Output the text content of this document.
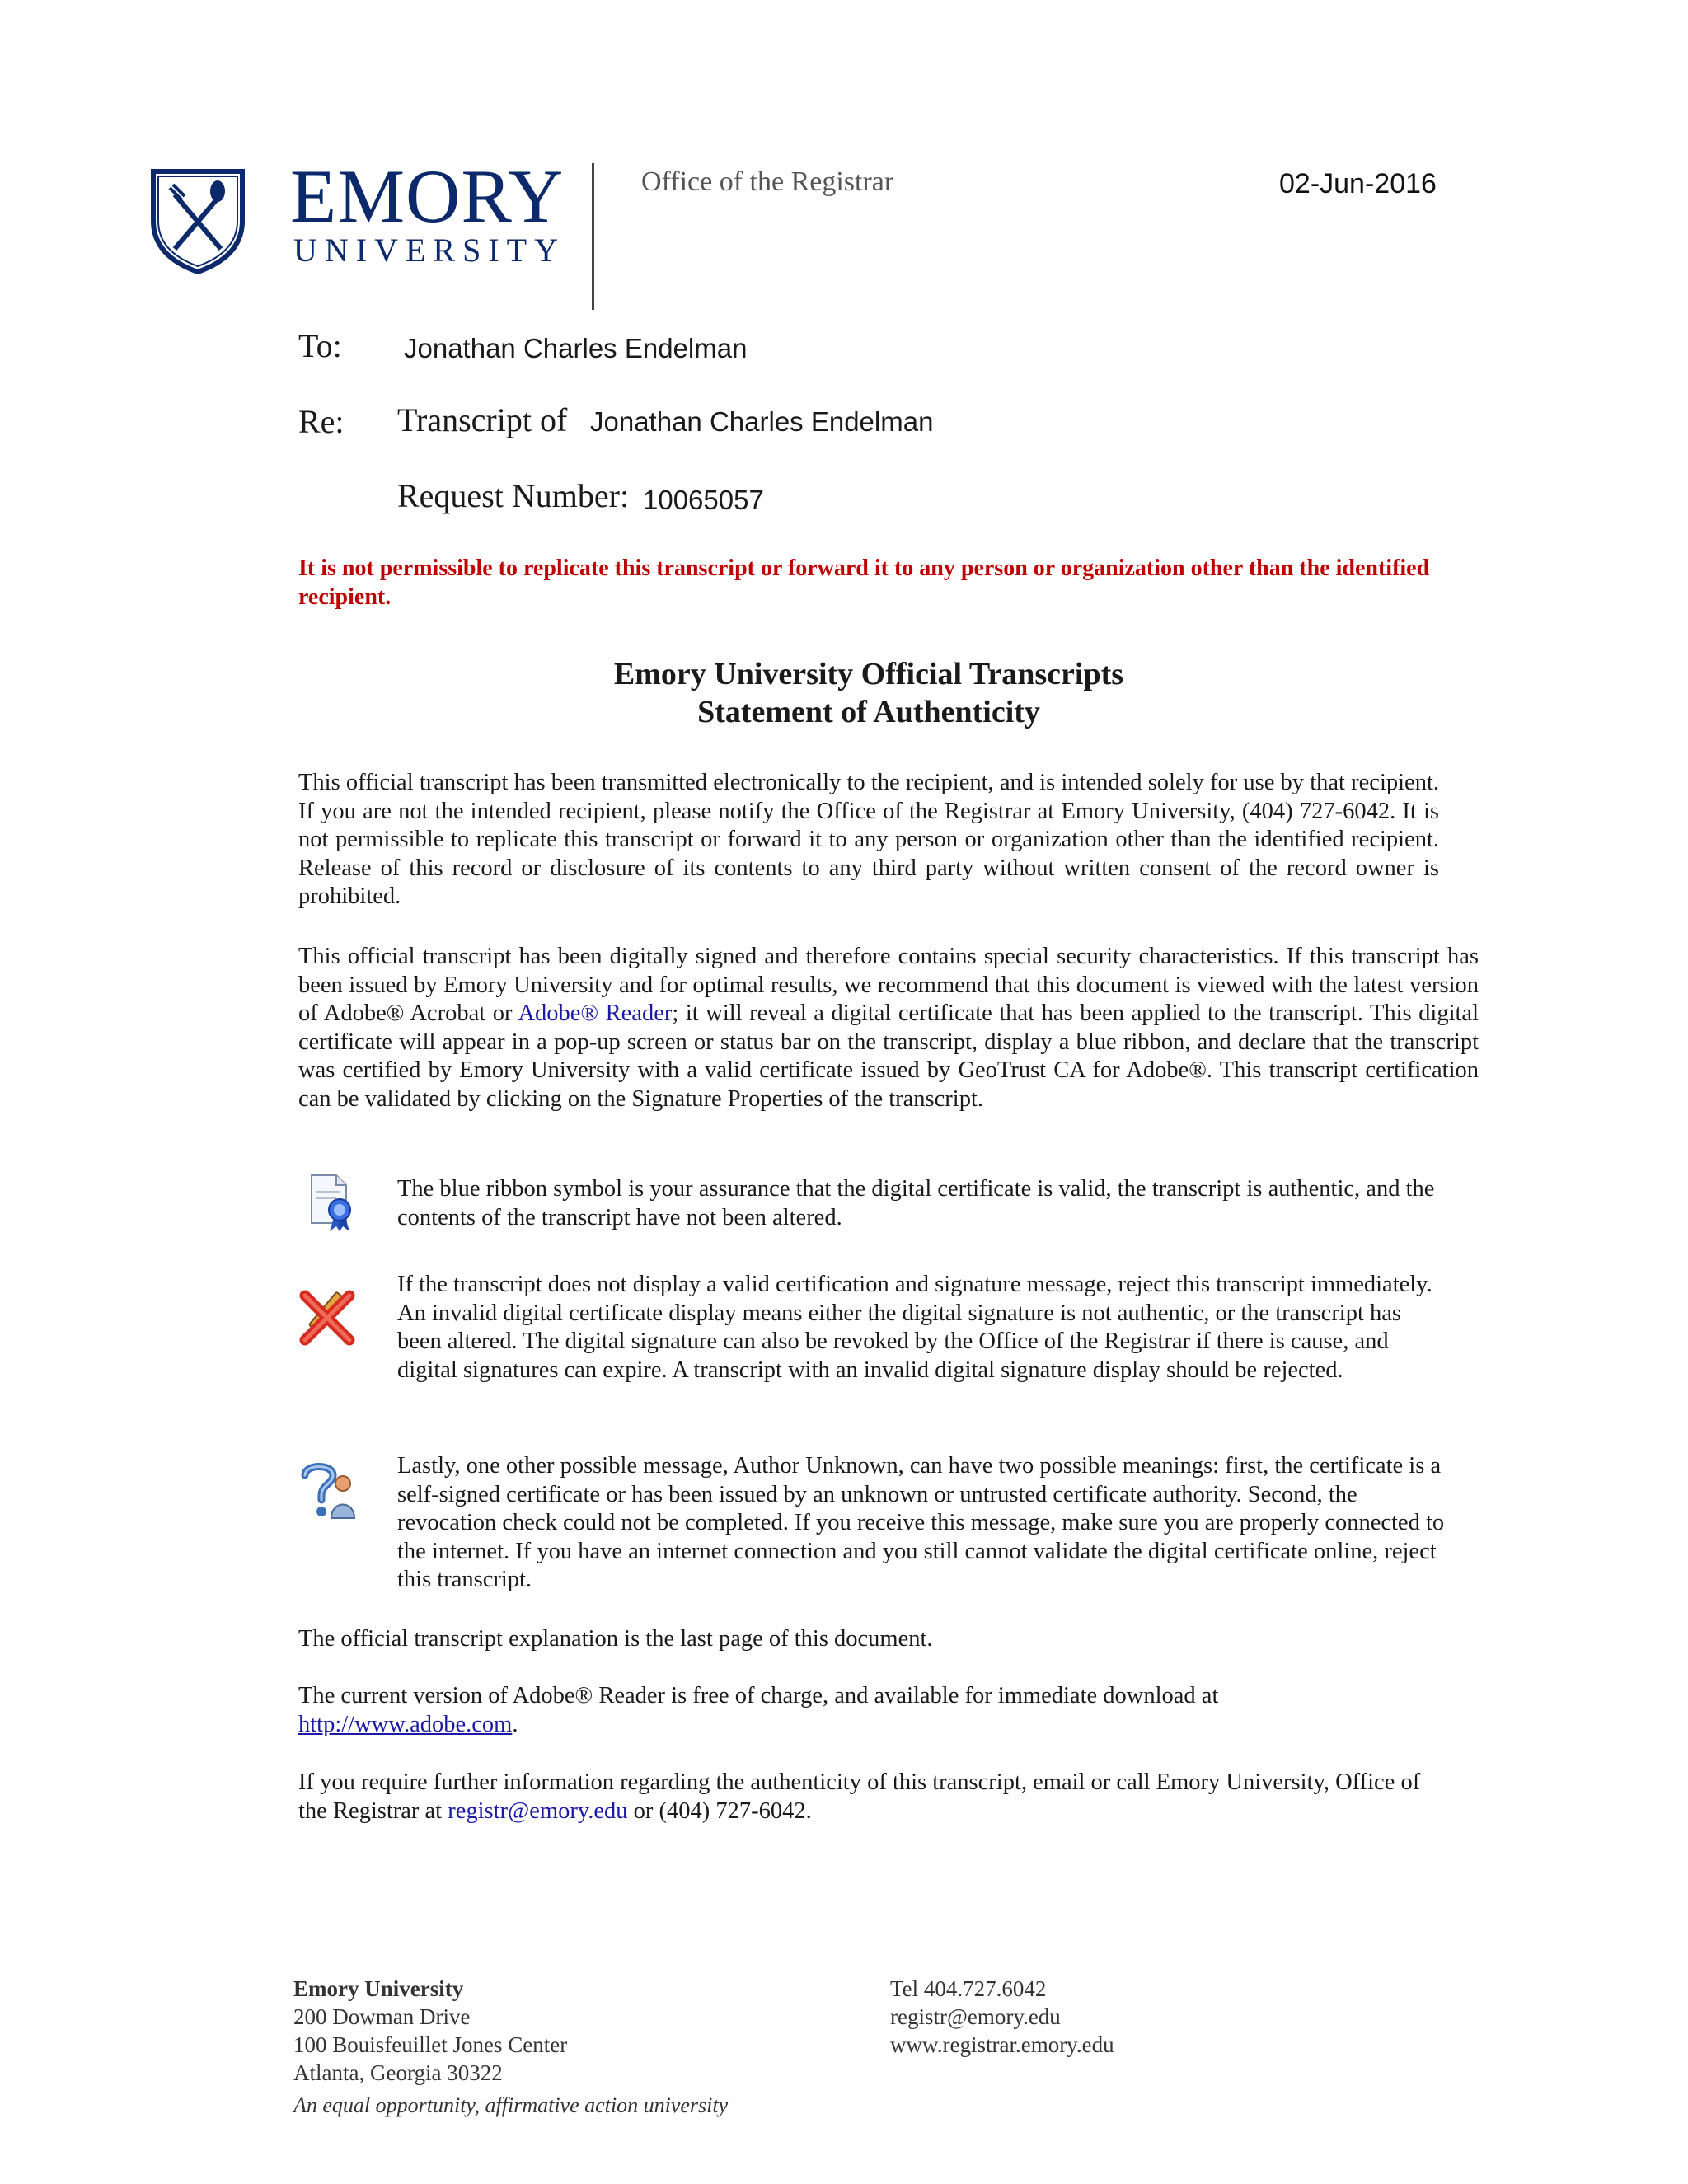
EMORY
UNIVERSITY
Office of the Registrar	02-Jun-2016
To: Jonathan Charles Endelman
Re: Transcript of Jonathan Charles Endelman
Request Number: 10065057
It is not permissible to replicate this transcript or forward it to any person or organization other than the identified recipient.
Emory University Official Transcripts
Statement of Authenticity
This official transcript has been transmitted electronically to the recipient, and is intended solely for use by that recipient. If you are not the intended recipient, please notify the Office of the Registrar at Emory University, (404) 727-6042. It is not permissible to replicate this transcript or forward it to any person or organization other than the identified recipient. Release of this record or disclosure of its contents to any third party without written consent of the record owner is prohibited.
This official transcript has been digitally signed and therefore contains special security characteristics. If this transcript has been issued by Emory University and for optimal results, we recommend that this document is viewed with the latest version of Adobe® Acrobat or Adobe® Reader; it will reveal a digital certificate that has been applied to the transcript. This digital certificate will appear in a pop-up screen or status bar on the transcript, display a blue ribbon, and declare that the transcript was certified by Emory University with a valid certificate issued by GeoTrust CA for Adobe®. This transcript certification can be validated by clicking on the Signature Properties of the transcript.
The blue ribbon symbol is your assurance that the digital certificate is valid, the transcript is authentic, and the contents of the transcript have not been altered.
If the transcript does not display a valid certification and signature message, reject this transcript immediately. An invalid digital certificate display means either the digital signature is not authentic, or the transcript has been altered. The digital signature can also be revoked by the Office of the Registrar if there is cause, and digital signatures can expire. A transcript with an invalid digital signature display should be rejected.
Lastly, one other possible message, Author Unknown, can have two possible meanings: first, the certificate is a self-signed certificate or has been issued by an unknown or untrusted certificate authority. Second, the revocation check could not be completed. If you receive this message, make sure you are properly connected to the internet. If you have an internet connection and you still cannot validate the digital certificate online, reject this transcript.
The official transcript explanation is the last page of this document.
The current version of Adobe® Reader is free of charge, and available for immediate download at
http://www.adobe.com.
If you require further information regarding the authenticity of this transcript, email or call Emory University, Office of the Registrar at registr@emory.edu or (404) 727-6042.
Emory University
200 Dowman Drive
100 Bouisfeuillet Jones Center
Atlanta, Georgia 30322
An equal opportunity, affirmative action university
Tel 404.727.6042
registr@emory.edu
www.registrar.emory.edu
